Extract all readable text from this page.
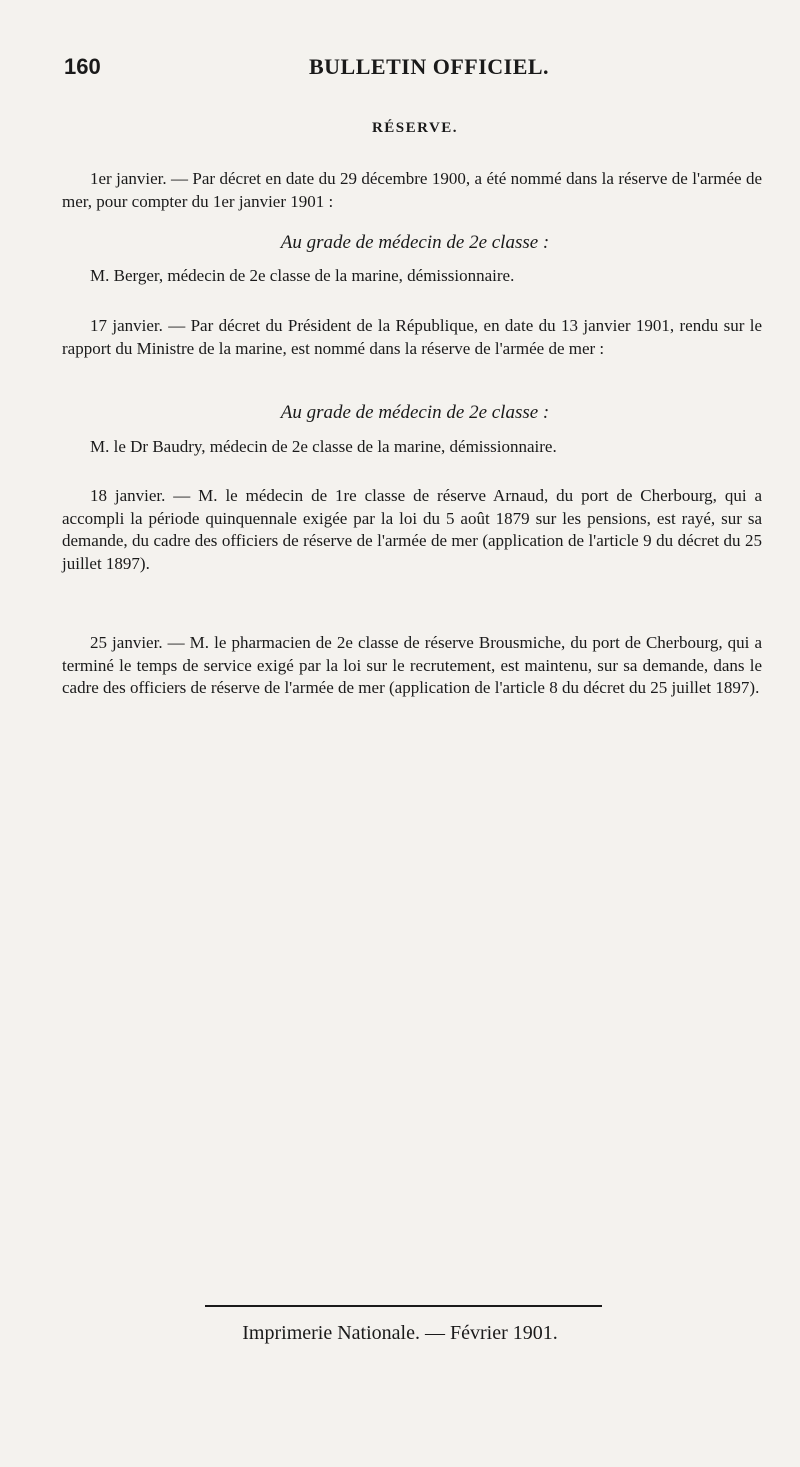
160	BULLETIN OFFICIEL.
RÉSERVE.

1er janvier. — Par décret en date du 29 décembre 1900, a été nommé dans la réserve de l'armée de mer, pour compter du 1er janvier 1901 :

Au grade de médecin de 2e classe :
M. Berger, médecin de 2e classe de la marine, démissionnaire.

17 janvier. — Par décret du Président de la République, en date du 13 janvier 1901, rendu sur le rapport du Ministre de la marine, est nommé dans la réserve de l'armée de mer :

Au grade de médecin de 2e classe :
M. le Dr Baudry, médecin de 2e classe de la marine, démissionnaire.

18 janvier. — M. le médecin de 1re classe de réserve Arnaud, du port de Cherbourg, qui a accompli la période quinquennale exigée par la loi du 5 août 1879 sur les pensions, est rayé, sur sa demande, du cadre des officiers de réserve de l'armée de mer (application de l'article 9 du décret du 25 juillet 1897).

25 janvier. — M. le pharmacien de 2e classe de réserve Brousmiche, du port de Cherbourg, qui a terminé le temps de service exigé par la loi sur le recrutement, est maintenu, sur sa demande, dans le cadre des officiers de réserve de l'armée de mer (application de l'article 8 du décret du 25 juillet 1897).

Imprimerie Nationale. — Février 1901.
